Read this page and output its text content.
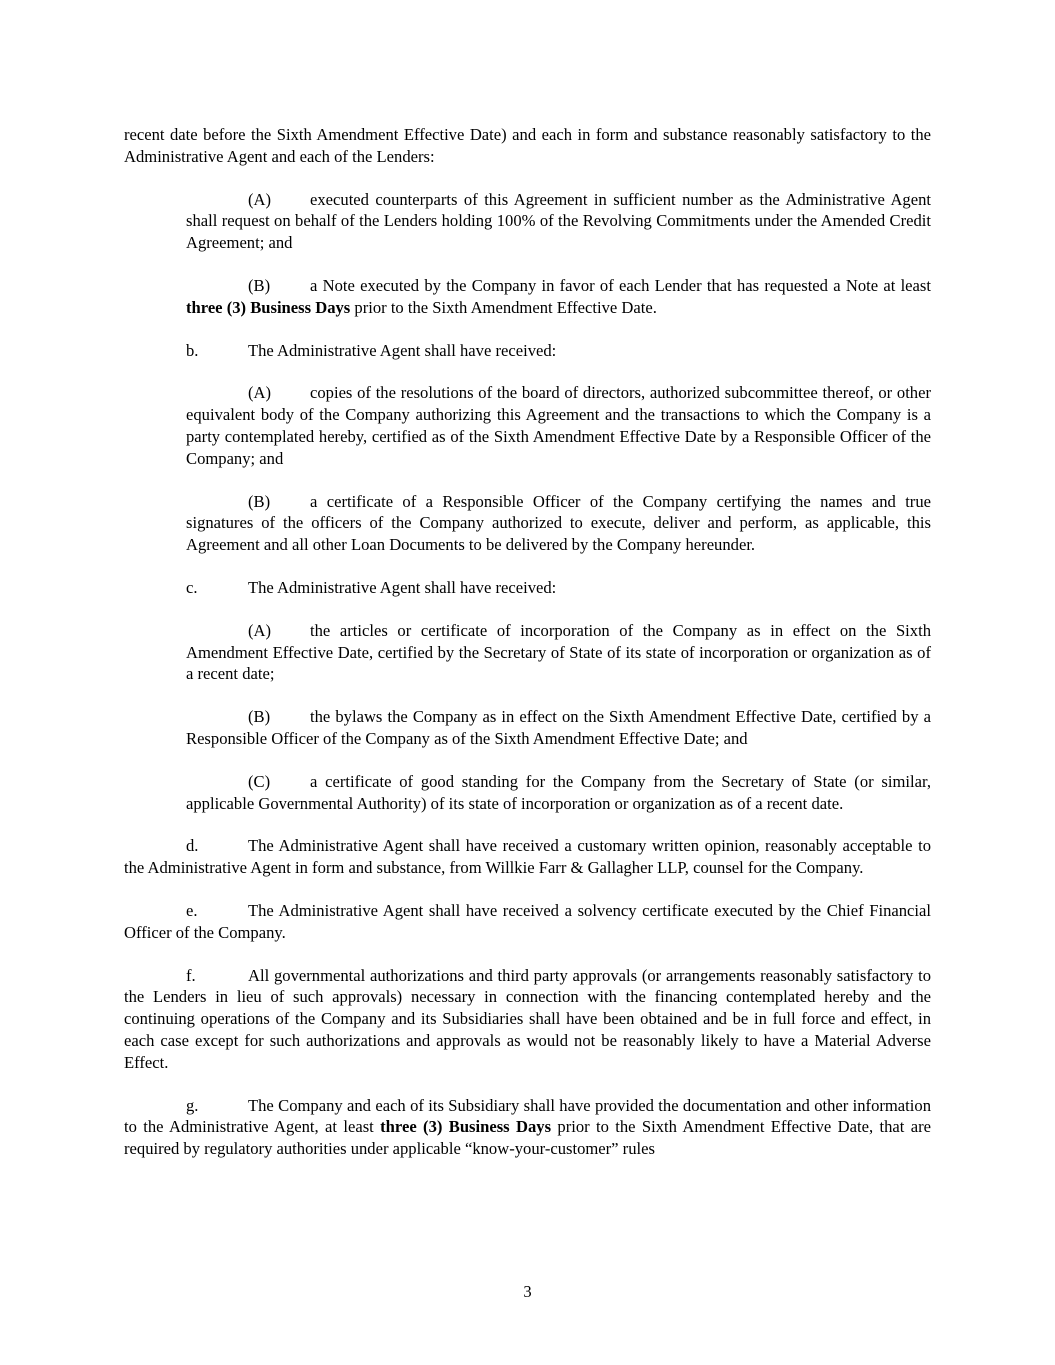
recent date before the Sixth Amendment Effective Date) and each in form and substance reasonably satisfactory to the Administrative Agent and each of the Lenders:

(A) executed counterparts of this Agreement in sufficient number as the Administrative Agent shall request on behalf of the Lenders holding 100% of the Revolving Commitments under the Amended Credit Agreement; and

(B) a Note executed by the Company in favor of each Lender that has requested a Note at least three (3) Business Days prior to the Sixth Amendment Effective Date.

b.	The Administrative Agent shall have received:

(A) copies of the resolutions of the board of directors, authorized subcommittee thereof, or other equivalent body of the Company authorizing this Agreement and the transactions to which the Company is a party contemplated hereby, certified as of the Sixth Amendment Effective Date by a Responsible Officer of the Company; and

(B) a certificate of a Responsible Officer of the Company certifying the names and true signatures of the officers of the Company authorized to execute, deliver and perform, as applicable, this Agreement and all other Loan Documents to be delivered by the Company hereunder.

c.	The Administrative Agent shall have received:

(A) the articles or certificate of incorporation of the Company as in effect on the Sixth Amendment Effective Date, certified by the Secretary of State of its state of incorporation or organization as of a recent date;

(B) the bylaws the Company as in effect on the Sixth Amendment Effective Date, certified by a Responsible Officer of the Company as of the Sixth Amendment Effective Date; and

(C) a certificate of good standing for the Company from the Secretary of State (or similar, applicable Governmental Authority) of its state of incorporation or organization as of a recent date.

d.	The Administrative Agent shall have received a customary written opinion, reasonably acceptable to the Administrative Agent in form and substance, from Willkie Farr & Gallagher LLP, counsel for the Company.

e.	The Administrative Agent shall have received a solvency certificate executed by the Chief Financial Officer of the Company.

f.	All governmental authorizations and third party approvals (or arrangements reasonably satisfactory to the Lenders in lieu of such approvals) necessary in connection with the financing contemplated hereby and the continuing operations of the Company and its Subsidiaries shall have been obtained and be in full force and effect, in each case except for such authorizations and approvals as would not be reasonably likely to have a Material Adverse Effect.

g.	The Company and each of its Subsidiary shall have provided the documentation and other information to the Administrative Agent, at least three (3) Business Days prior to the Sixth Amendment Effective Date, that are required by regulatory authorities under applicable “know-your-customer” rules

3
